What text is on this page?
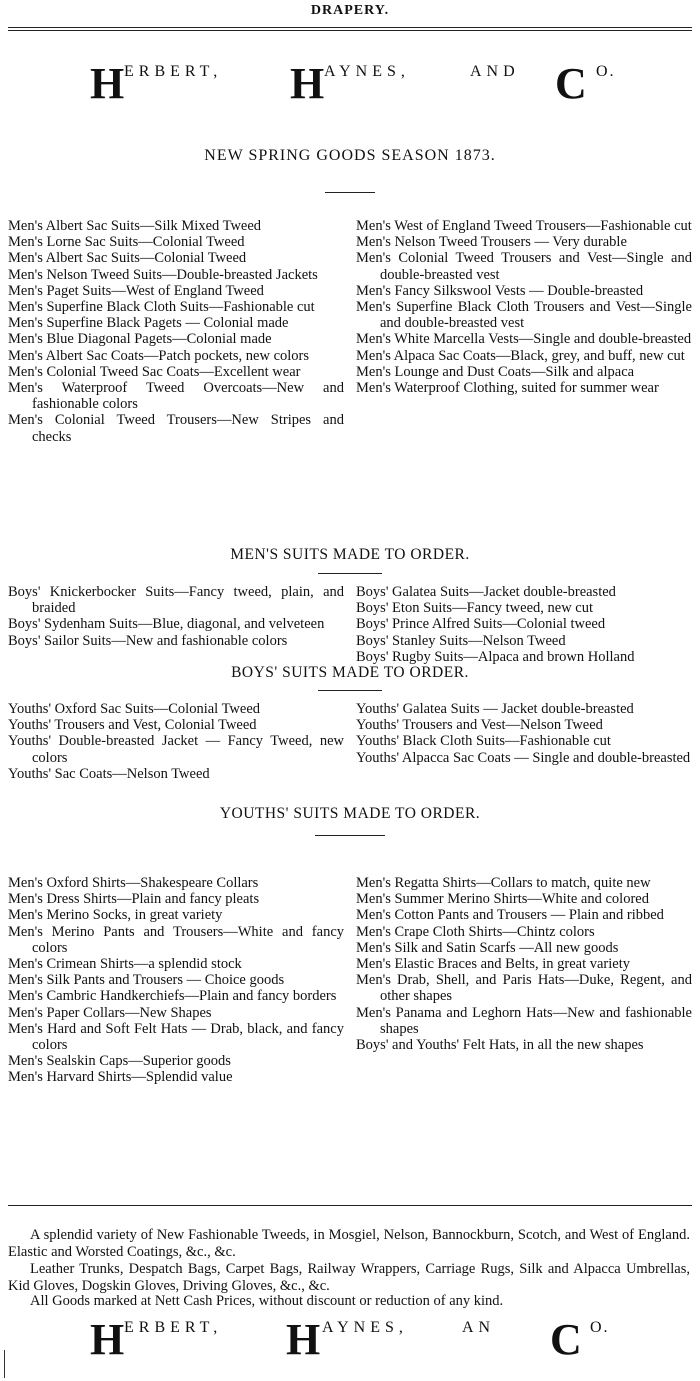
DRAPERY.
H ERBERT, H AYNES,	AND C O.
NEW SPRING GOODS SEASON 1873.
Men's Albert Sac Suits—Silk Mixed Tweed
Men's Lorne Sac Suits—Colonial Tweed
Men's Albert Sac Suits—Colonial Tweed
Men's Nelson Tweed Suits—Double-breasted Jackets
Men's Paget Suits—West of England Tweed
Men's Superfine Black Cloth Suits—Fashionable cut
Men's Superfine Black Pagets — Colonial made
Men's Blue Diagonal Pagets—Colonial made
Men's Albert Sac Coats—Patch pockets, new colors
Men's Colonial Tweed Sac Coats—Excellent wear
Men's Waterproof Tweed Overcoats—New and fashionable colors
Men's Colonial Tweed Trousers—New Stripes and checks
Men's West of England Tweed Trousers—Fashionable cut
Men's Nelson Tweed Trousers — Very durable
Men's Colonial Tweed Trousers and Vest—Single and double-breasted vest
Men's Fancy Silkswool Vests — Double-breasted
Men's Superfine Black Cloth Trousers and Vest—Single and double-breasted vest
Men's White Marcella Vests—Single and double-breasted
Men's Alpaca Sac Coats—Black, grey, and buff, new cut
Men's Lounge and Dust Coats—Silk and alpaca
Men's Waterproof Clothing, suited for summer wear
MEN'S SUITS MADE TO ORDER.
Boys' Knickerbocker Suits—Fancy tweed, plain, and braided
Boys' Sydenham Suits—Blue, diagonal, and velveteen
Boys' Sailor Suits—New and fashionable colors
Boys' Galatea Suits—Jacket double-breasted
Boys' Eton Suits—Fancy tweed, new cut
Boys' Prince Alfred Suits—Colonial tweed
Boys' Stanley Suits—Nelson Tweed
Boys' Rugby Suits—Alpaca and brown Holland
BOYS' SUITS MADE TO ORDER.
Youths' Oxford Sac Suits—Colonial Tweed
Youths' Trousers and Vest, Colonial Tweed
Youths' Double-breasted Jacket — Fancy Tweed, new colors
Youths' Sac Coats—Nelson Tweed
Youths' Galatea Suits — Jacket double-breasted
Youths' Trousers and Vest—Nelson Tweed
Youths' Black Cloth Suits—Fashionable cut
Youths' Alpacca Sac Coats — Single and double-breasted
YOUTHS' SUITS MADE TO ORDER.
Men's Oxford Shirts—Shakespeare Collars
Men's Dress Shirts—Plain and fancy pleats
Men's Merino Socks, in great variety
Men's Merino Pants and Trousers—White and fancy colors
Men's Crimean Shirts—a splendid stock
Men's Silk Pants and Trousers — Choice goods
Men's Cambric Handkerchiefs—Plain and fancy borders
Men's Paper Collars—New Shapes
Men's Hard and Soft Felt Hats — Drab, black, and fancy colors
Men's Sealskin Caps—Superior goods
Men's Harvard Shirts—Splendid value
Men's Regatta Shirts—Collars to match, quite new
Men's Summer Merino Shirts—White and colored
Men's Cotton Pants and Trousers — Plain and ribbed
Men's Crape Cloth Shirts—Chintz colors
Men's Silk and Satin Scarfs —All new goods
Men's Elastic Braces and Belts, in great variety
Men's Drab, Shell, and Paris Hats—Duke, Regent, and other shapes
Men's Panama and Leghorn Hats—New and fashionable shapes
Boys' and Youths' Felt Hats, in all the new shapes

A splendid variety of New Fashionable Tweeds, in Mosgiel, Nelson, Bannockburn, Scotch, and West of England. Elastic and Worsted Coatings, &c., &c.

Leather Trunks, Despatch Bags, Carpet Bags, Railway Wrappers, Carriage Rugs, Silk and Alpacca Umbrellas, Kid Gloves, Dogskin Gloves, Driving Gloves, &c., &c.

All Goods marked at Nett Cash Prices, without discount or reduction of any kind.

H ERBERT, H AYNES,	AN C O.
